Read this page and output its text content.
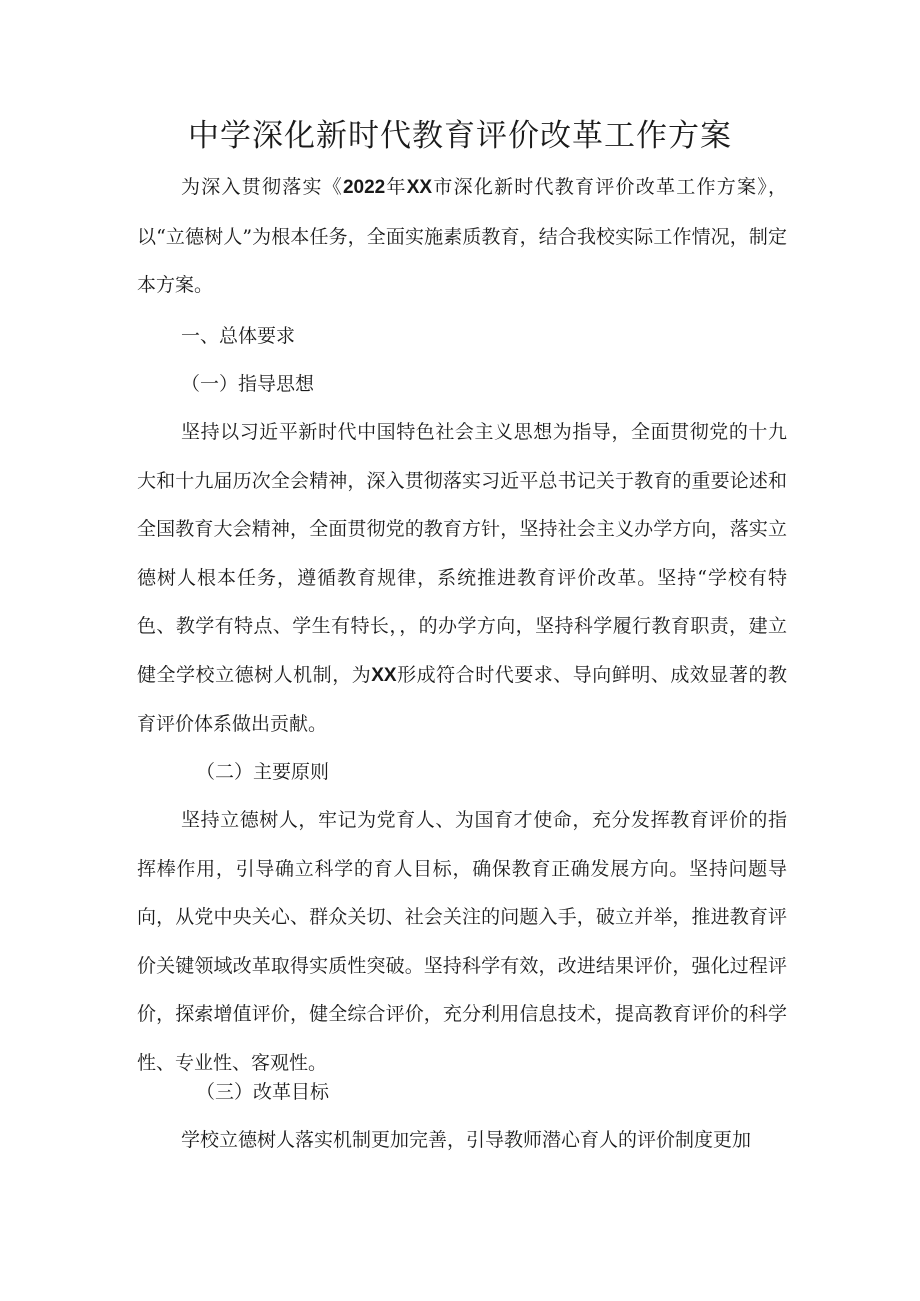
中学深化新时代教育评价改革工作方案

为深入贯彻落实《2022年XX市深化新时代教育评价改革工作方案》，以“立德树人”为根本任务，全面实施素质教育，结合我校实际工作情况，制定本方案。

一、总体要求
（一）指导思想

坚持以习近平新时代中国特色社会主义思想为指导，全面贯彻党的十九大和十九届历次全会精神，深入贯彻落实习近平总书记关于教育的重要论述和全国教育大会精神，全面贯彻党的教育方针，坚持社会主义办学方向，落实立德树人根本任务，遵循教育规律，系统推进教育评价改革。坚持“学校有特色、教学有特点、学生有特长，，的办学方向，坚持科学履行教育职责，建立健全学校立德树人机制，为XX形成符合时代要求、导向鲜明、成效显著的教育评价体系做出贡献。

（二）主要原则

坚持立德树人，牢记为党育人、为国育才使命，充分发挥教育评价的指挥棒作用，引导确立科学的育人目标，确保教育正确发展方向。坚持问题导向，从党中央关心、群众关切、社会关注的问题入手，破立并举，推进教育评价关键领域改革取得实质性突破。坚持科学有效，改进结果评价，强化过程评价，探索增值评价，健全综合评价，充分利用信息技术，提高教育评价的科学性、专业性、客观性。

（三）改革目标

学校立德树人落实机制更加完善，引导教师潜心育人的评价制度更加
